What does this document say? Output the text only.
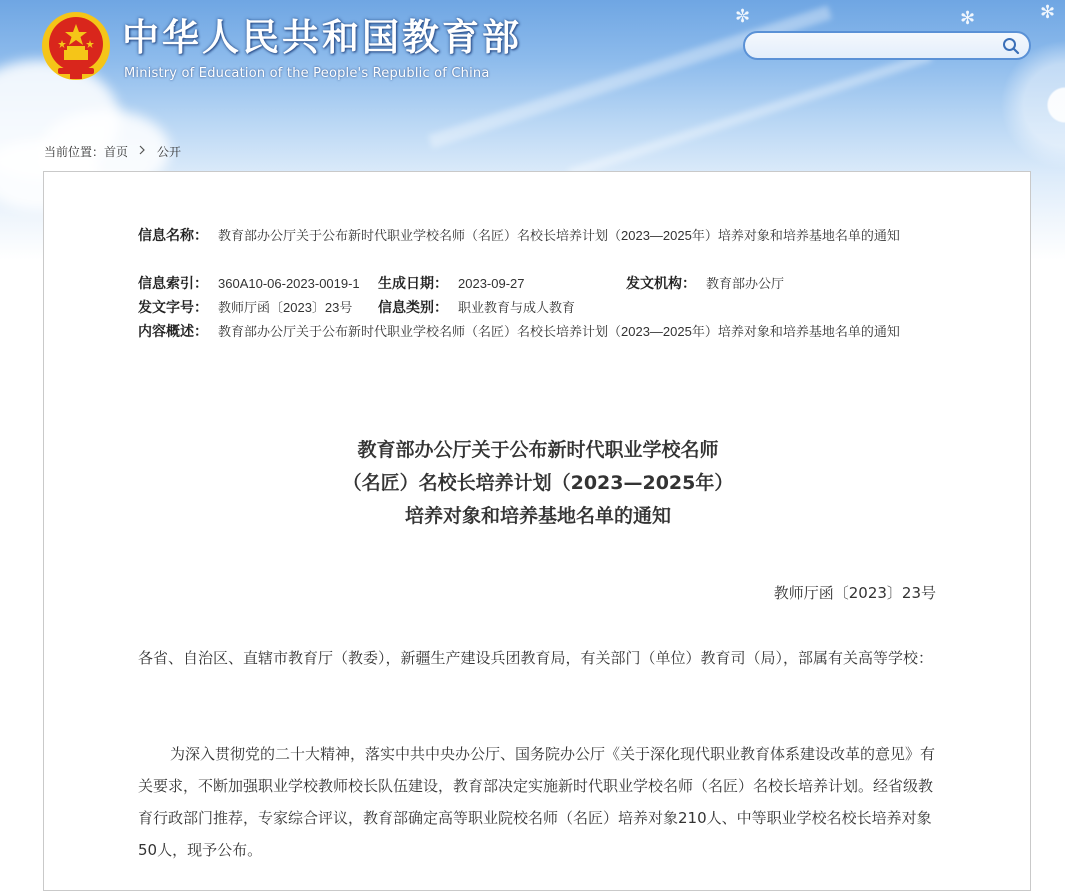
✻	✻
✼
中华人民共和国教育部
Ministry of Education of the People's Republic of China
当前位置：首页 公开
信息名称： 教育部办公厅关于公布新时代职业学校名师（名匠）名校长培养计划（2023—2025年）培养对象和培养基地名单的通知
信息索引： 360A10-06-2023-0019-1 生成日期： 2023-09-27	发文机构： 教育部办公厅
发文字号： 教师厅函〔2023〕23号 信息类别： 职业教育与成人教育
内容概述： 教育部办公厅关于公布新时代职业学校名师（名匠）名校长培养计划（2023—2025年）培养对象和培养基地名单的通知
教育部办公厅关于公布新时代职业学校名师
（名匠）名校长培养计划（2023—2025年）
培养对象和培养基地名单的通知
教师厅函〔2023〕23号
各省、自治区、直辖市教育厅（教委），新疆生产建设兵团教育局，有关部门（单位）教育司（局），部属有关高等学校：
为深入贯彻党的二十大精神，落实中共中央办公厅、国务院办公厅《关于深化现代职业教育体系建设改革的意见》有关要求，不断加强职业学校教师校长队伍建设，教育部决定实施新时代职业学校名师（名匠）名校长培养计划。经省级教育行政部门推荐，专家综合评议，教育部确定高等职业院校名师（名匠）培养对象210人、中等职业学校名校长培养对象50人，现予公布。
